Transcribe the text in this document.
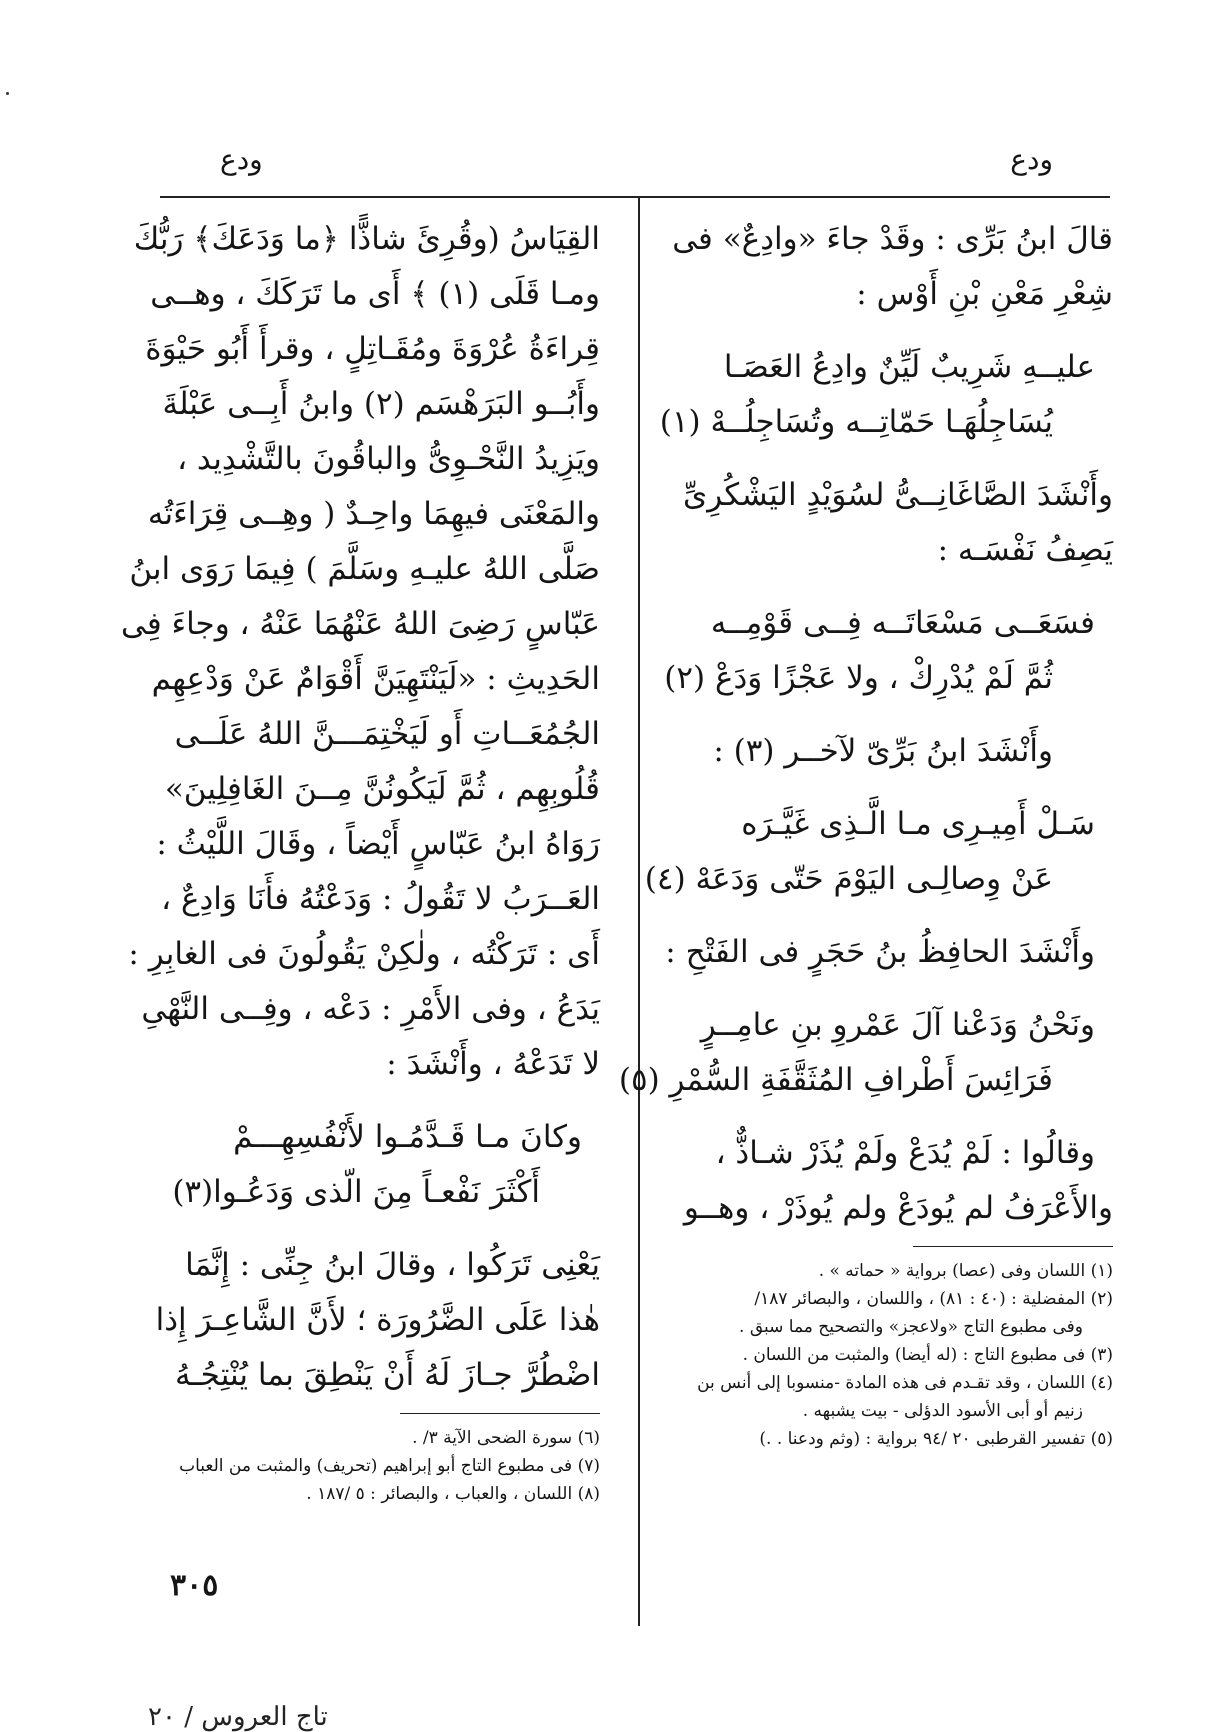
ودع
ودع
قالَ ابنُ بَرِّى : وقَدْ جاءَ «وادِعٌ» فى
شِعْرِ مَعْنِ بْنِ أَوْس :
عليــهِ شَرِيبٌ لَيِّنٌ وادِعُ العَصَـا
يُسَاجِلُهَـا حَمّاتِــه وتُسَاجِلُــهْ (١)
وأَنْشَدَ الصَّاغَانِــىُّ لسُوَيْدٍ اليَشْكُرِىِّ
يَصِفُ نَفْسَـه :
فسَعَــى مَسْعَاتَــه فِــى قَوْمِــه
ثُمَّ لَمْ يُدْرِكْ ، ولا عَجْزًا وَدَعْ (٢)
وأَنْشَدَ ابنُ بَرِّىّ لآخــر (٣) :
سَـلْ أَمِيـرِى مـا الَّـذِى غَيَّـرَه
عَنْ وِصالِـى اليَوْمَ حَتّى وَدَعَهْ (٤)
وأَنْشَدَ الحافِظُ بنُ حَجَرٍ فى الفَتْحِ :
ونَحْنُ وَدَعْنا آلَ عَمْروِ بنِ عامِــرٍ
فَرَائِسَ أَطْرافِ المُثَقَّفَةِ السُّمْرِ (٥)
وقالُوا : لَمْ يُدَعْ ولَمْ يُذَرْ شـاذٌّ ،
والأَعْرَفُ لم يُودَعْ ولم يُوذَرْ ، وهــو
(١) اللسان وفى (عصا) برواية « حماته » .
(٢) المفضلية : (٤٠ : ٨١) ، واللسان ، والبصائر ١٨٧/
وفى مطبوع التاج «ولاعجز» والتصحيح مما سبق .
(٣) فى مطبوع التاج : (له أيضا) والمثبت من اللسان .
(٤) اللسان ، وقد تقـدم فى هذه المادة -منسوبا إلى أنس بن
زنيم أو أبى الأسود الدؤلى - بيت يشبهه .
(٥) تفسير القرطبى ٢٠ /٩٤ برواية : (وثم ودعنا . .)
القِيَاسُ (وقُرِئَ شاذًّا ﴿ما وَدَعَكَ﴾ رَبُّكَ
ومـا قَلَى (١) ﴾ أَى ما تَرَكَكَ ، وهــى
قِراءَةُ عُرْوَةَ ومُقَـاتِلٍ ، وقرأَ أَبُو حَيْوَةَ
وأَبُــو البَرَهْسَم (٢) وابنُ أَبِــى عَبْلَةَ
ويَزِيدُ النَّحْـوِىُّ والباقُونَ بالتَّشْدِيد ،
والمَعْنَى فيهِمَا واحِـدٌ ( وهِــى قِرَاءَتُه
صَلَّى اللهُ عليـهِ وسَلَّمَ ) فِيمَا رَوَى ابنُ
عَبّاسٍ رَضِىَ اللهُ عَنْهُمَا عَنْهُ ، وجاءَ فِى
الحَدِيثِ : «لَيَنْتَهِيَنَّ أَقْوَامٌ عَنْ وَدْعِهِم
الجُمُعَــاتِ أَو لَيَخْتِمَـــنَّ اللهُ عَلَــى
قُلُوبِهِم ، ثُمَّ لَيَكُونُنَّ مِــنَ الغَافِلِينَ»
رَوَاهُ ابنُ عَبّاسٍ أَيْضاً ، وقَالَ اللَّيْثُ :
العَــرَبُ لا تَقُولُ : وَدَعْتُهُ فأَنَا وَادِعٌ ،
أَى : تَرَكْتُه ، ولٰكِنْ يَقُولُونَ فى الغابِرِ :
يَدَعُ ، وفى الأَمْرِ : دَعْه ، وفِــى النَّهْىِ
لا تَدَعْهُ ، وأَنْشَدَ :
وكانَ مـا قَـدَّمُـوا لأَنْفُسِهِـــمْ
أَكْثَرَ نَفْعـاً مِنَ الّذى وَدَعُـوا(٣)
يَعْنِى تَرَكُوا ، وقالَ ابنُ جِنِّى : إِنَّمَا
هٰذا عَلَى الضَّرُورَة ؛ لأَنَّ الشَّاعِـرَ إِذا
اضْطُرَّ جـازَ لَهُ أَنْ يَنْطِقَ بما يُنْتِجُـهُ
(٦) سورة الضحى الآية ٣/ .
(٧) فى مطبوع التاج أبو إبراهيم (تحريف) والمثبت من العباب
(٨) اللسان ، والعباب ، والبصائر : ٥ /١٨٧ .
٣٠٥
تاج العروس / ٢٠
